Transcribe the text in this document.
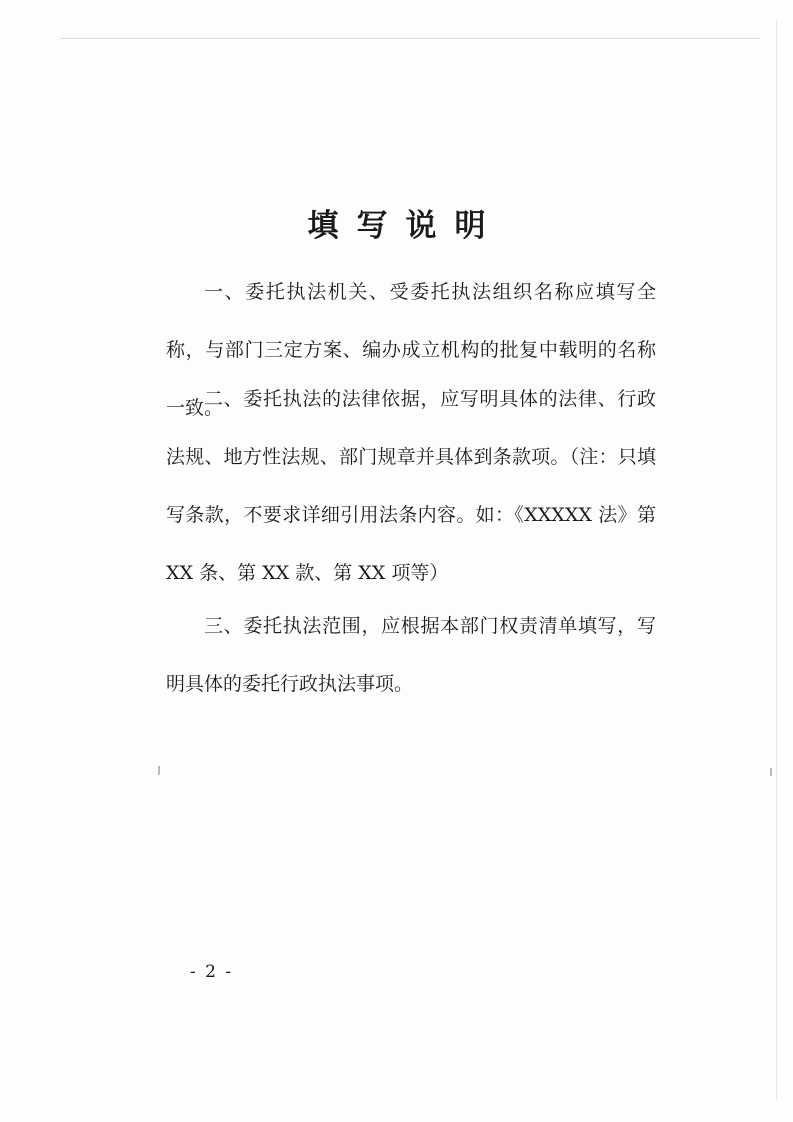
填写说明

一、委托执法机关、受委托执法组织名称应填写全称，与部门三定方案、编办成立机构的批复中载明的名称一致。

二、委托执法的法律依据，应写明具体的法律、行政法规、地方性法规、部门规章并具体到条款项。（注：只填写条款，不要求详细引用法条内容。如：《XXXXX 法》第 XX 条、第 XX 款、第 XX 项等）

三、委托执法范围，应根据本部门权责清单填写，写明具体的委托行政执法事项。

- 2 -
